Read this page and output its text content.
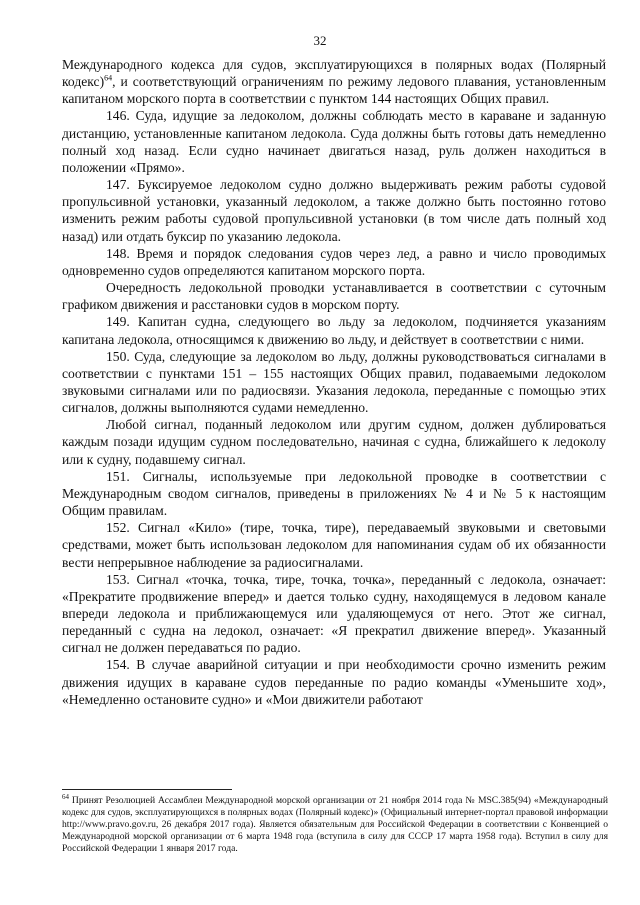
32

Международного кодекса для судов, эксплуатирующихся в полярных водах (Полярный кодекс)$^{64}$, и соответствующий ограничениям по режиму ледового плавания, установленным капитаном морского порта в соответствии с пунктом 144 настоящих Общих правил.

146. Суда, идущие за ледоколом, должны соблюдать место в караване и заданную дистанцию, установленные капитаном ледокола. Суда должны быть готовы дать немедленно полный ход назад. Если судно начинает двигаться назад, руль должен находиться в положении «Прямо».

147. Буксируемое ледоколом судно должно выдерживать режим работы судовой пропульсивной установки, указанный ледоколом, а также должно быть постоянно готово изменить режим работы судовой пропульсивной установки (в том числе дать полный ход назад) или отдать буксир по указанию ледокола.

148. Время и порядок следования судов через лед, а равно и число проводимых одновременно судов определяются капитаном морского порта.

Очередность ледокольной проводки устанавливается в соответствии с суточным графиком движения и расстановки судов в морском порту.

149. Капитан судна, следующего во льду за ледоколом, подчиняется указаниям капитана ледокола, относящимся к движению во льду, и действует в соответствии с ними.

150. Суда, следующие за ледоколом во льду, должны руководствоваться сигналами в соответствии с пунктами 151 – 155 настоящих Общих правил, подаваемыми ледоколом звуковыми сигналами или по радиосвязи. Указания ледокола, переданные с помощью этих сигналов, должны выполняются судами немедленно.

Любой сигнал, поданный ледоколом или другим судном, должен дублироваться каждым позади идущим судном последовательно, начиная с судна, ближайшего к ледоколу или к судну, подавшему сигнал.

151. Сигналы, используемые при ледокольной проводке в соответствии с Международным сводом сигналов, приведены в приложениях № 4 и № 5 к настоящим Общим правилам.

152. Сигнал «Кило» (тире, точка, тире), передаваемый звуковыми и световыми средствами, может быть использован ледоколом для напоминания судам об их обязанности вести непрерывное наблюдение за радиосигналами.

153. Сигнал «точка, точка, тире, точка, точка», переданный с ледокола, означает: «Прекратите продвижение вперед» и дается только судну, находящемуся в ледовом канале впереди ледокола и приближающемуся или удаляющемуся от него. Этот же сигнал, переданный с судна на ледокол, означает: «Я прекратил движение вперед». Указанный сигнал не должен передаваться по радио.

154. В случае аварийной ситуации и при необходимости срочно изменить режим движения идущих в караване судов переданные по радио команды «Уменьшите ход», «Немедленно остановите судно» и «Мои движители работают

$^{64}$ Принят Резолюцией Ассамблеи Международной морской организации от 21 ноября 2014 года № MSC.385(94) «Международный кодекс для судов, эксплуатирующихся в полярных водах (Полярный кодекс)» (Официальный интернет-портал правовой информации http://www.pravo.gov.ru, 26 декабря 2017 года). Является обязательным для Российской Федерации в соответствии с Конвенцией о Международной морской организации от 6 марта 1948 года (вступила в силу для СССР 17 марта 1958 года). Вступил в силу для Российской Федерации 1 января 2017 года.
